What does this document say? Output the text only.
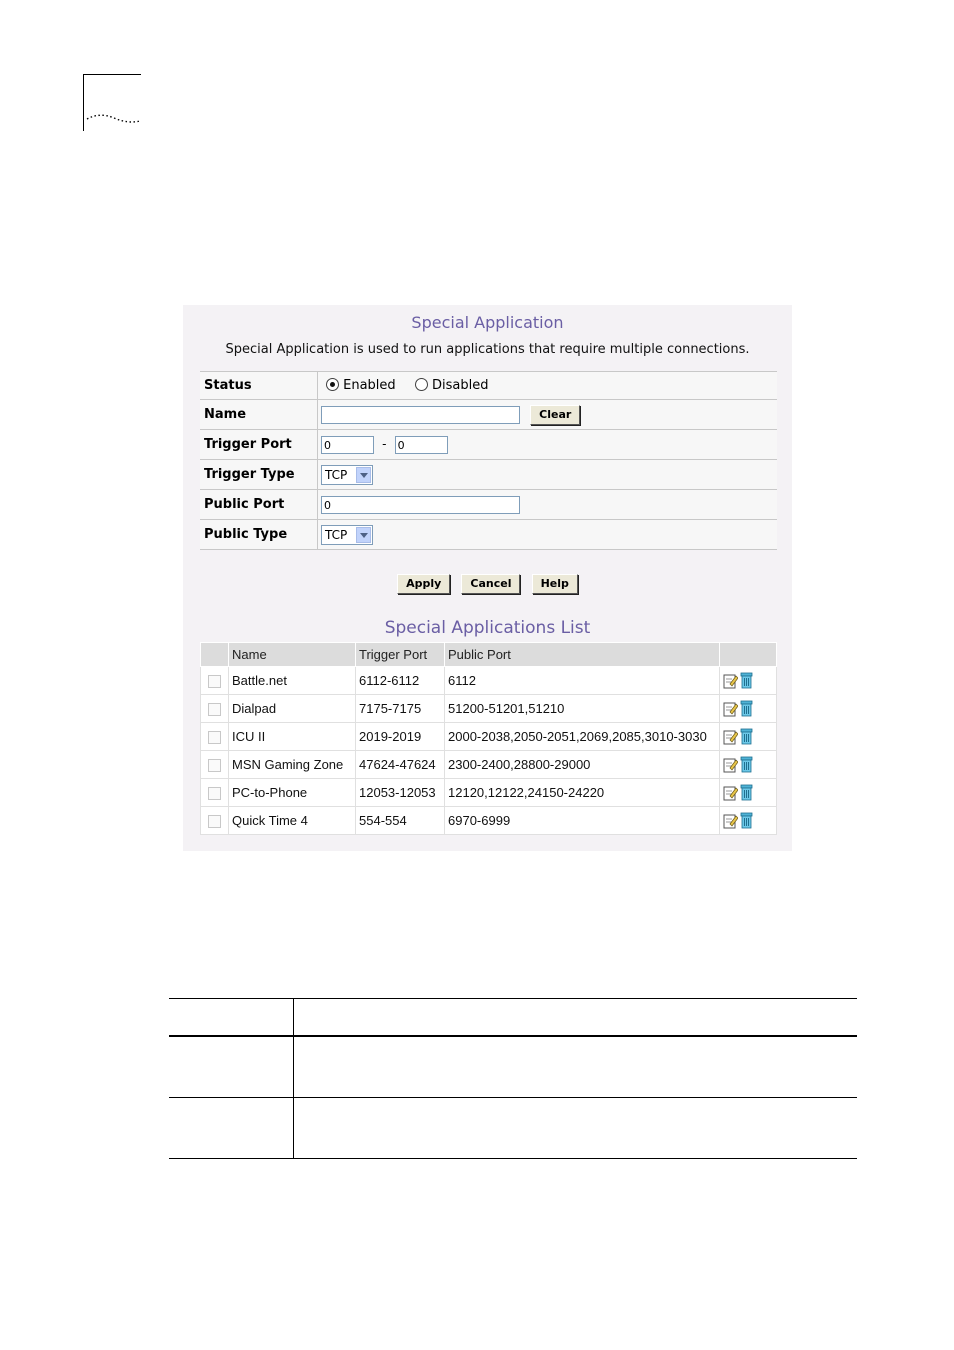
Special Application
Special Application is used to run applications that require multiple connections.
Status	Enabled Disabled
Name	Clear
Trigger Port	0 - 0
Trigger Type	TCP

Public Port	0
Public Type	TCP
Apply	Cancel	Help
Special Applications List
	Name	Trigger Port	Public Port	
	Battle.net	6112-6112	6112	
	Dialpad	7175-7175	51200-51201,51210	
	ICU II	2019-2019	2000-2038,2050-2051,2069,2085,3010-3030	
	MSN Gaming Zone	47624-47624	2300-2400,28800-29000	
	PC-to-Phone	12053-12053	12120,12122,24150-24220	
	Quick Time 4	554-554	6970-6999	
